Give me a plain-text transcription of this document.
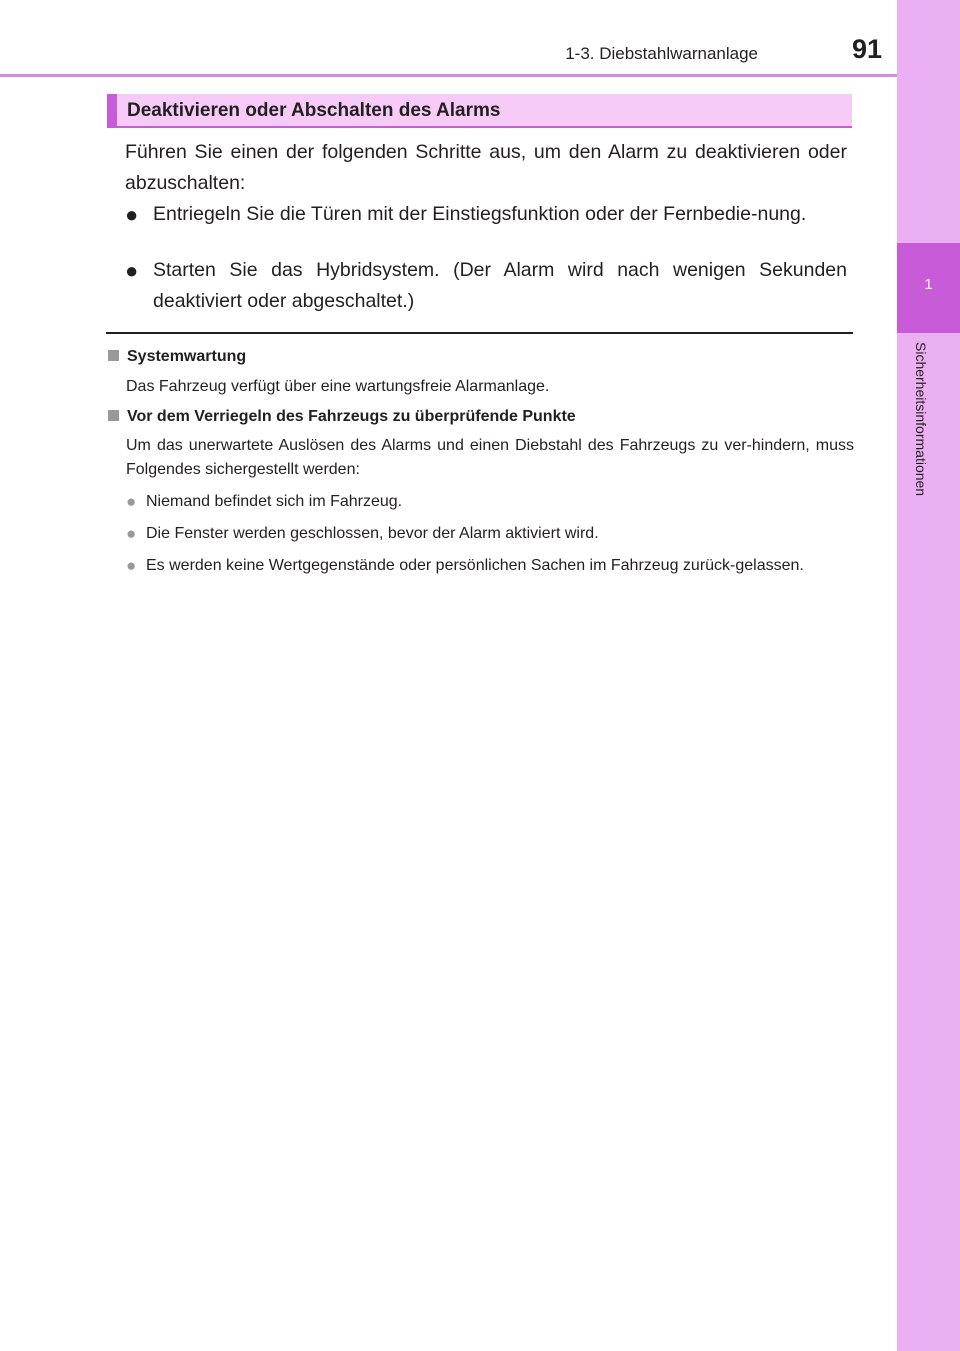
1-3. Diebstahlwarnanlage	91
1
Sicherheitsinformationen
Deaktivieren oder Abschalten des Alarms
Führen Sie einen der folgenden Schritte aus, um den Alarm zu deaktivieren oder abzuschalten:
● Entriegeln Sie die Türen mit der Einstiegsfunktion oder der Fernbedie-nung.
● Starten Sie das Hybridsystem. (Der Alarm wird nach wenigen Sekunden deaktiviert oder abgeschaltet.)
Systemwartung
Das Fahrzeug verfügt über eine wartungsfreie Alarmanlage.
Vor dem Verriegeln des Fahrzeugs zu überprüfende Punkte
Um das unerwartete Auslösen des Alarms und einen Diebstahl des Fahrzeugs zu ver-hindern, muss Folgendes sichergestellt werden:
● Niemand befindet sich im Fahrzeug.
● Die Fenster werden geschlossen, bevor der Alarm aktiviert wird.
● Es werden keine Wertgegenstände oder persönlichen Sachen im Fahrzeug zurück-gelassen.
